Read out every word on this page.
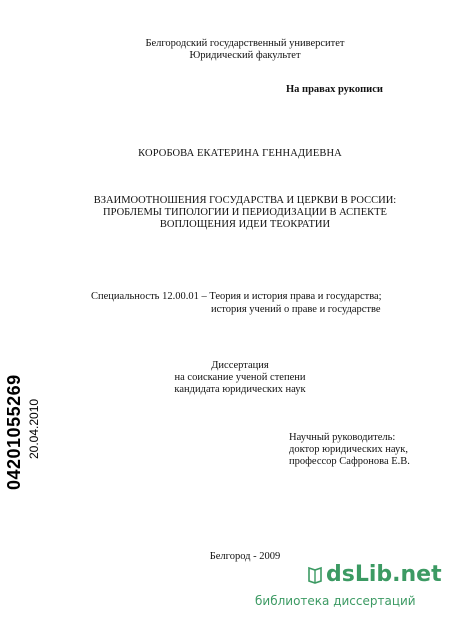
Белгородский государственный университет
Юридический факультет
На правах рукописи
КОРОБОВА ЕКАТЕРИНА ГЕННАДИЕВНА
ВЗАИМООТНОШЕНИЯ ГОСУДАРСТВА И ЦЕРКВИ В РОССИИ:
ПРОБЛЕМЫ ТИПОЛОГИИ И ПЕРИОДИЗАЦИИ В АСПЕКТЕ
ВОПЛОЩЕНИЯ ИДЕИ ТЕОКРАТИИ
Специальность 12.00.01 – Теория и история права и государства;
история учений о праве и государстве
Диссертация
на соискание ученой степени
кандидата юридических наук
Научный руководитель:
доктор юридических наук,
профессор Сафронова Е.В.
Белгород - 2009
04201055269 20.04.2010
dsLib.net
библиотека диссертаций
